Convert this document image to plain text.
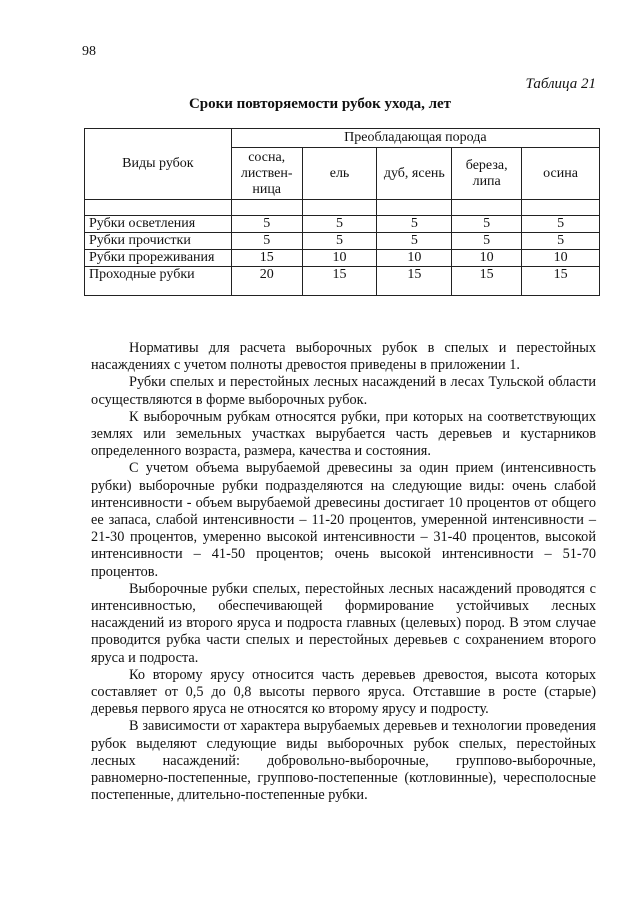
98
Таблица 21
Сроки повторяемости рубок ухода, лет
Виды рубок	Преобладающая порода				
	сосна, листвен-ница	ель	дуб, ясень	береза, липа	осина

Рубки осветления	5	5	5	5	5
Рубки прочистки	5	5	5	5	5
Рубки прореживания	15	10	10	10	10
Проходные рубки	20	15	15	15	15

Нормативы для расчета выборочных рубок в спелых и перестойных насаждениях с учетом полноты древостоя приведены в приложении 1.

Рубки спелых и перестойных лесных насаждений в лесах Тульской области осуществляются в форме выборочных рубок.

К выборочным рубкам относятся рубки, при которых на соответствующих землях или земельных участках вырубается часть деревьев и кустарников определенного возраста, размера, качества и состояния.

С учетом объема вырубаемой древесины за один прием (интенсивность рубки) выборочные рубки подразделяются на следующие виды: очень слабой интенсивности - объем вырубаемой древесины достигает 10 процентов от общего ее запаса, слабой интенсивности – 11-20 процентов, умеренной интенсивности – 21-30 процентов, умеренно высокой интенсивности – 31-40 процентов, высокой интенсивности – 41-50 процентов; очень высокой интенсивности – 51-70 процентов.

Выборочные рубки спелых, перестойных лесных насаждений проводятся с интенсивностью, обеспечивающей формирование устойчивых лесных насаждений из второго яруса и подроста главных (целевых) пород. В этом случае проводится рубка части спелых и перестойных деревьев с сохранением второго яруса и подроста.

Ко второму ярусу относится часть деревьев древостоя, высота которых составляет от 0,5 до 0,8 высоты первого яруса. Отставшие в росте (старые) деревья первого яруса не относятся ко второму ярусу и подросту.

В зависимости от характера вырубаемых деревьев и технологии проведения рубок выделяют следующие виды выборочных рубок спелых, перестойных лесных насаждений: добровольно-выборочные, группово-выборочные, равномерно-постепенные, группово-постепенные (котловинные), чересполосные постепенные, длительно-постепенные рубки.
